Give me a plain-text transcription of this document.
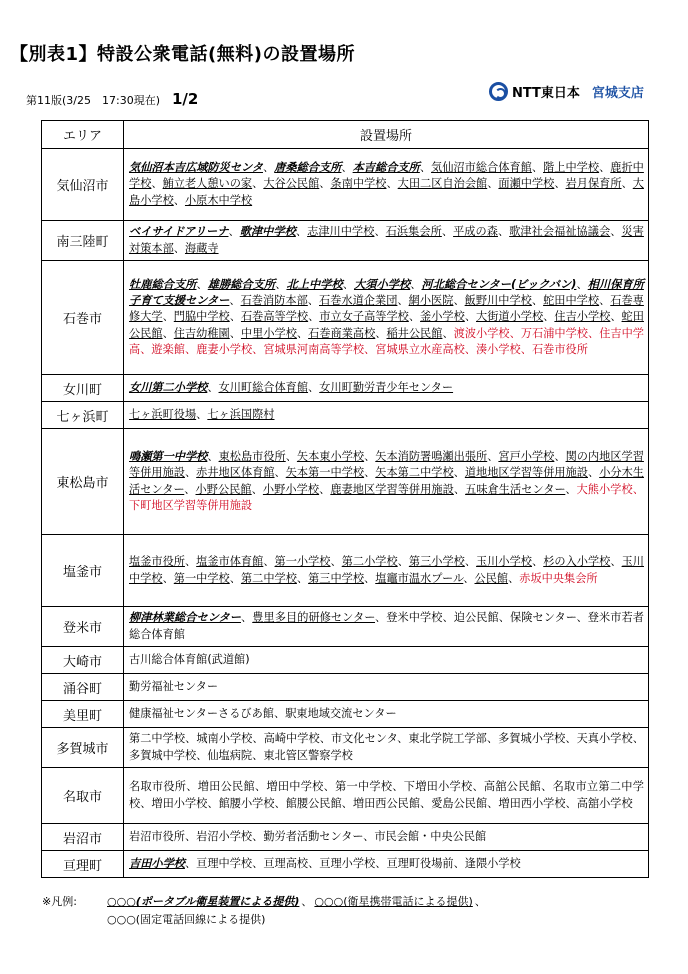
【別表1】特設公衆電話(無料)の設置場所
NTT東日本 宮城支店
第11版(3/25　17:30現在) 1/2
エリア	設置場所
気仙沼市	気仙沼本吉広域防災センタ、唐桑総合支所、本吉総合支所、気仙沼市総合体育館、階上中学校、鹿折中学校、鮪立老人憩いの家、大谷公民館、条南中学校、大田二区自治会館、面瀬中学校、岩月保育所、大島小学校、小原木中学校
南三陸町	ベイサイドアリーナ、歌津中学校、志津川中学校、石浜集会所、平成の森、歌津社会福祉協議会、災害対策本部、海蔵寺
石巻市	牡鹿総合支所、雄勝総合支所、北上中学校、大須小学校、河北総合センター(ビックバン)、相川保育所子育て支援センター、石巻消防本部、石巻水道企業団、網小医院、飯野川中学校、蛇田中学校、石巻専修大学、門脇中学校、石巻高等学校、市立女子高等学校、釜小学校、大街道小学校、住吉小学校、蛇田公民館、住吉幼稚園、中里小学校、石巻商業高校、稲井公民館、渡波小学校、万石浦中学校、住吉中学高、遊楽館、鹿妻小学校、宮城県河南高等学校、宮城県立水産高校、湊小学校、石巻市役所
女川町	女川第二小学校、女川町総合体育館、女川町勤労青少年センター
七ヶ浜町	七ヶ浜町役場、七ヶ浜国際村
東松島市	鳴瀬第一中学校、東松島市役所、矢本東小学校、矢本消防署鳴瀬出張所、宮戸小学校、関の内地区学習等併用施設、赤井地区体育館、矢本第一中学校、矢本第二中学校、道地地区学習等併用施設、小分木生活センター、小野公民館、小野小学校、鹿妻地区学習等併用施設、五味倉生活センター、大熊小学校、下町地区学習等併用施設
塩釜市	塩釜市役所、塩釜市体育館、第一小学校、第二小学校、第三小学校、玉川小学校、杉の入小学校、玉川中学校、第一中学校、第二中学校、第三中学校、塩竈市温水プール、公民館、赤坂中央集会所
登米市	柳津林業総合センター、豊里多目的研修センター、登米中学校、迫公民館、保険センター、登米市若者総合体育館
大崎市	古川総合体育館(武道館)
涌谷町	勤労福祉センター
美里町	健康福祉センターさるびあ館、駅東地域交流センター
多賀城市	第二中学校、城南小学校、高崎中学校、市文化センタ、東北学院工学部、多賀城小学校、天真小学校、多賀城中学校、仙塩病院、東北管区警察学校
名取市	名取市役所、増田公民館、増田中学校、第一中学校、下増田小学校、高舘公民館、名取市立第二中学校、増田小学校、館腰小学校、館腰公民館、増田西公民館、愛島公民館、増田西小学校、高舘小学校
岩沼市	岩沼市役所、岩沼小学校、勤労者活動センター、市民会館・中央公民館
亘理町	吉田小学校、亘理中学校、亘理高校、亘理小学校、亘理町役場前、逢隈小学校
※凡例:	○○○(ポータブル衛星装置による提供) 、 ○○○(衛星携帯電話による提供) 、
○○○(固定電話回線による提供)
